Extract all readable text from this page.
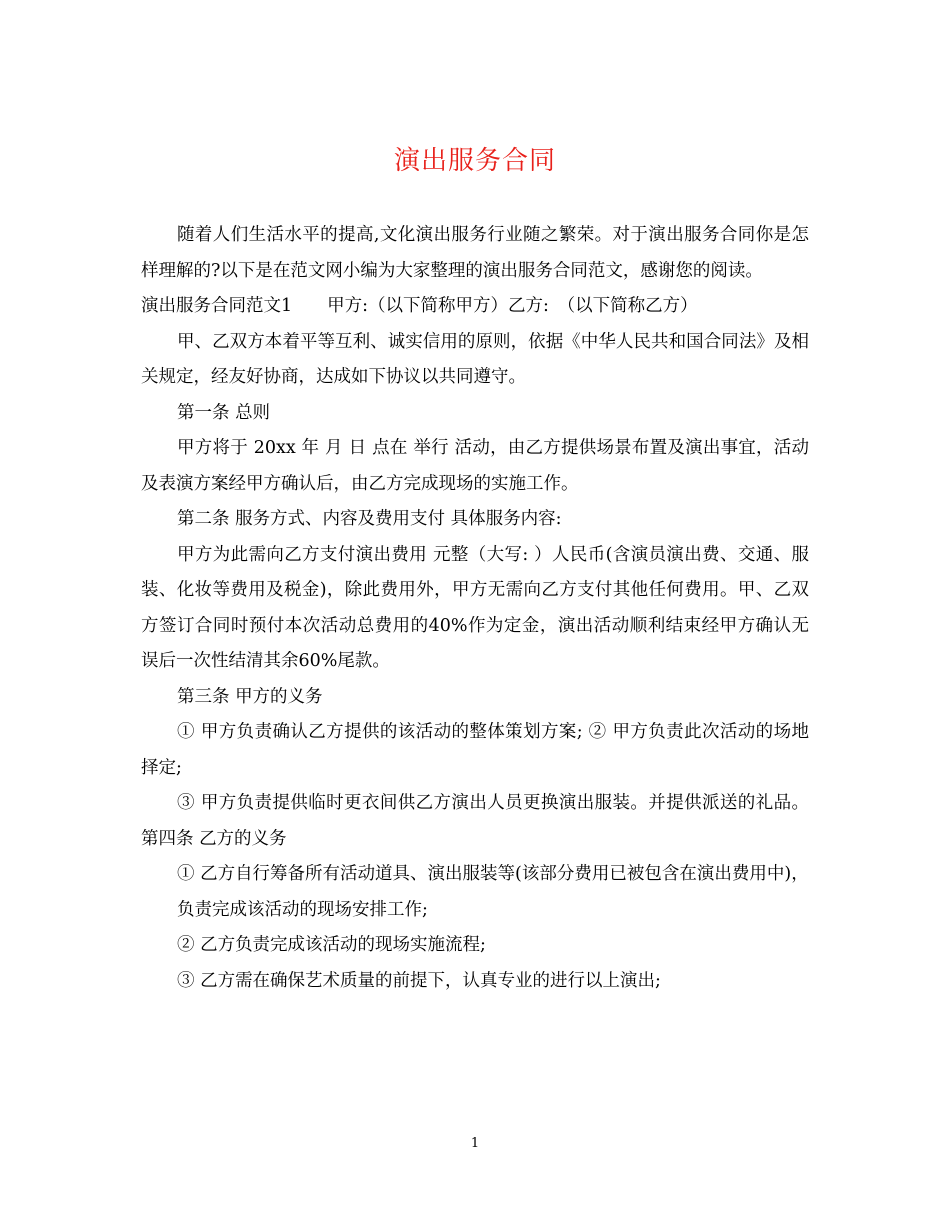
演出服务合同

随着人们生活水平的提高,文化演出服务行业随之繁荣。对于演出服务合同你是怎样理解的?以下是在范文网小编为大家整理的演出服务合同范文，感谢您的阅读。

演出服务合同范文1　　甲方:（以下简称甲方）乙方:　（以下简称乙方）

甲、乙双方本着平等互利、诚实信用的原则，依据《中华人民共和国合同法》及相关规定，经友好协商，达成如下协议以共同遵守。

第一条 总则

甲方将于 20xx 年 月 日 点在 举行 活动，由乙方提供场景布置及演出事宜，活动及表演方案经甲方确认后，由乙方完成现场的实施工作。

第二条 服务方式、内容及费用支付 具体服务内容:

甲方为此需向乙方支付演出费用 元整（大写: ）人民币(含演员演出费、交通、服装、化妆等费用及税金)，除此费用外，甲方无需向乙方支付其他任何费用。甲、乙双方签订合同时预付本次活动总费用的40%作为定金，演出活动顺利结束经甲方确认无误后一次性结清其余60%尾款。

第三条 甲方的义务

① 甲方负责确认乙方提供的该活动的整体策划方案; ② 甲方负责此次活动的场地择定;

③ 甲方负责提供临时更衣间供乙方演出人员更换演出服装。并提供派送的礼品。 第四条 乙方的义务

① 乙方自行筹备所有活动道具、演出服装等(该部分费用已被包含在演出费用中)，

负责完成该活动的现场安排工作;

② 乙方负责完成该活动的现场实施流程;

③ 乙方需在确保艺术质量的前提下，认真专业的进行以上演出;

1
